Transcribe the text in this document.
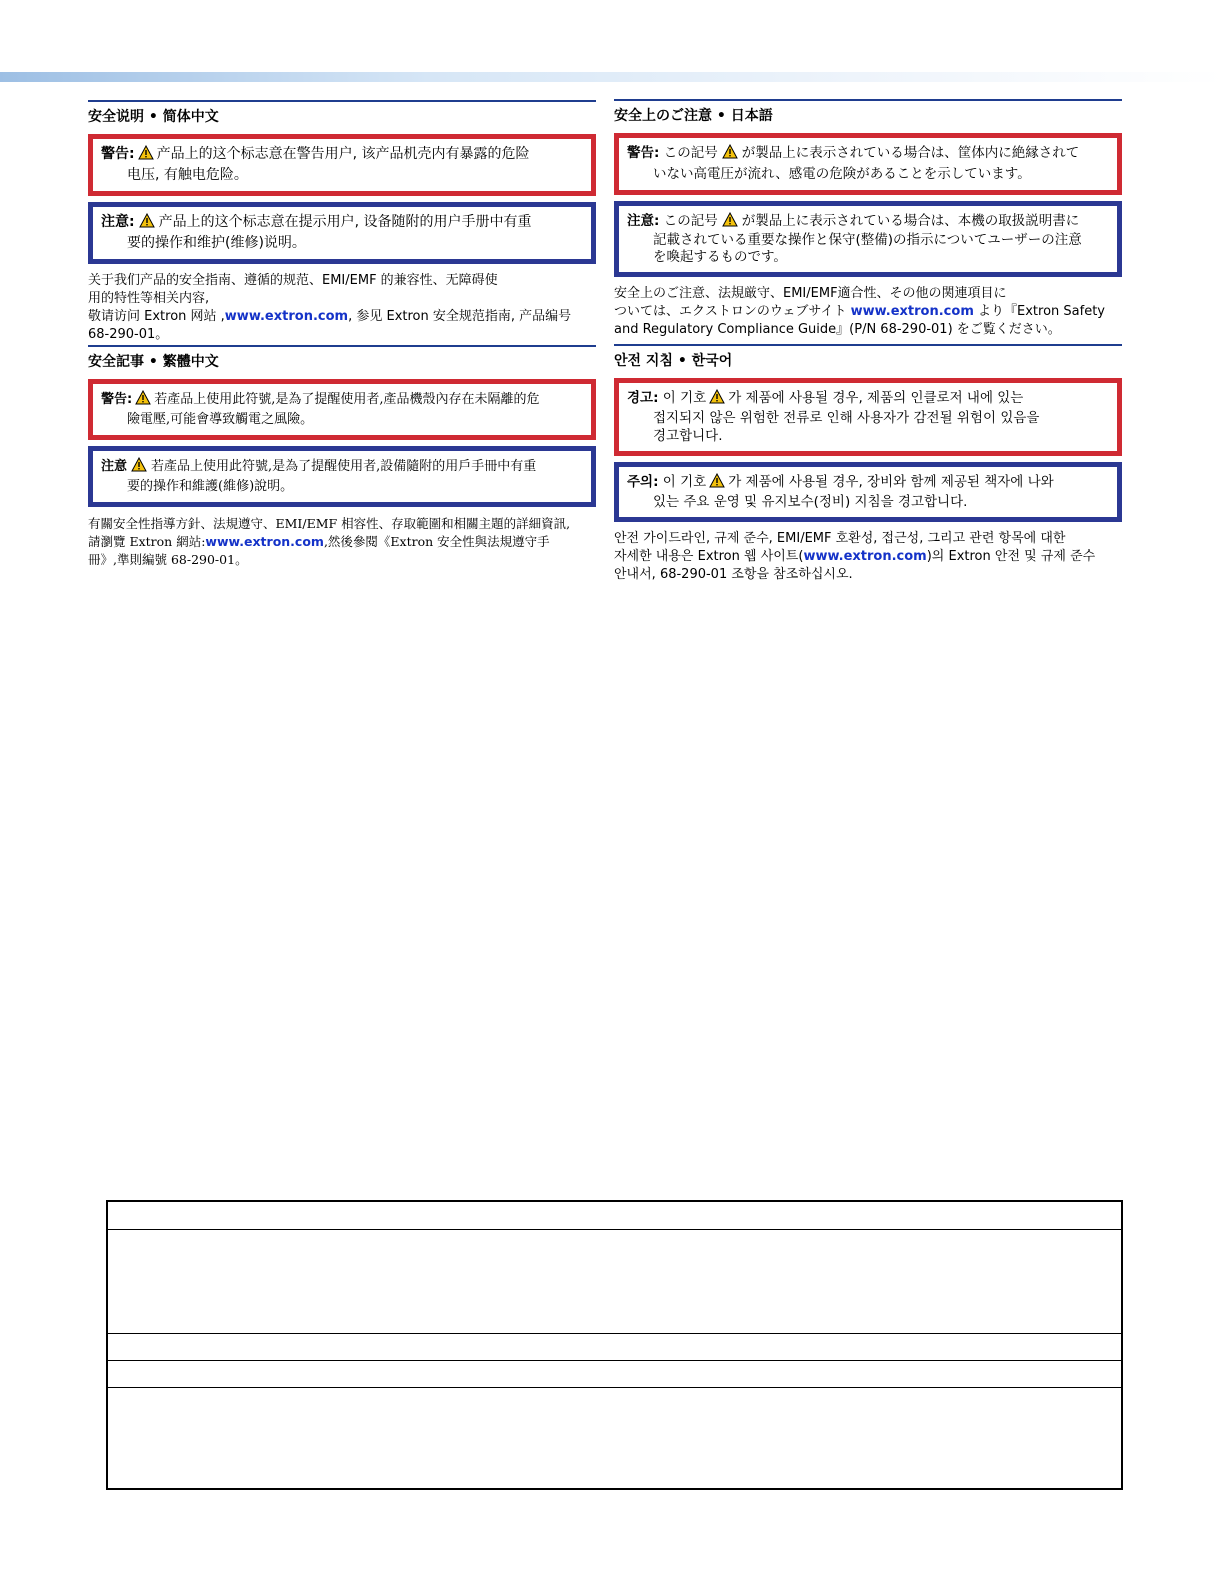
安全说明 • 简体中文
警告: 产品上的这个标志意在警告用户, 该产品机壳内有暴露的危险
电压, 有触电危险。
注意: 产品上的这个标志意在提示用户, 设备随附的用户手册中有重
要的操作和维护(维修)说明。
关于我们产品的安全指南、遵循的规范、EMI/EMF 的兼容性、无障碍使
用的特性等相关内容,
敬请访问 Extron 网站 ,www.extron.com, 参见 Extron 安全规范指南, 产品编号
68-290-01。
安全上のご注意 • 日本語
警告: この記号 が製品上に表示されている場合は、筐体内に絶縁されて
いない高電圧が流れ、感電の危険があることを示しています。
注意: この記号 が製品上に表示されている場合は、本機の取扱説明書に
記載されている重要な操作と保守(整備)の指示についてユーザーの注意
を喚起するものです。
安全上のご注意、法規厳守、EMI/EMF適合性、その他の関連項目に
ついては、エクストロンのウェブサイト www.extron.com より『Extron Safety
and Regulatory Compliance Guide』(P/N 68-290-01) をご覧ください。
安全記事 • 繁體中文
警告: 若產品上使用此符號,是為了提醒使用者,產品機殼內存在未隔離的危
險電壓,可能會導致觸電之風險。
注意 若產品上使用此符號,是為了提醒使用者,設備隨附的用戶手冊中有重
要的操作和維護(維修)說明。
有關安全性指導方針、法規遵守、EMI/EMF 相容性、存取範圍和相關主題的詳細資訊,
請瀏覽 Extron 網站:www.extron.com,然後參閱《Extron 安全性與法規遵守手
冊》,準則編號 68-290-01。
안전 지침 • 한국어
경고: 이 기호 가 제품에 사용될 경우, 제품의 인클로저 내에 있는
접지되지 않은 위험한 전류로 인해 사용자가 감전될 위험이 있음을
경고합니다.
주의: 이 기호 가 제품에 사용될 경우, 장비와 함께 제공된 책자에 나와
있는 주요 운영 및 유지보수(정비) 지침을 경고합니다.
안전 가이드라인, 규제 준수, EMI/EMF 호환성, 접근성, 그리고 관련 항목에 대한
자세한 내용은 Extron 웹 사이트(www.extron.com)의 Extron 안전 및 규제 준수
안내서, 68-290-01 조항을 참조하십시오.
